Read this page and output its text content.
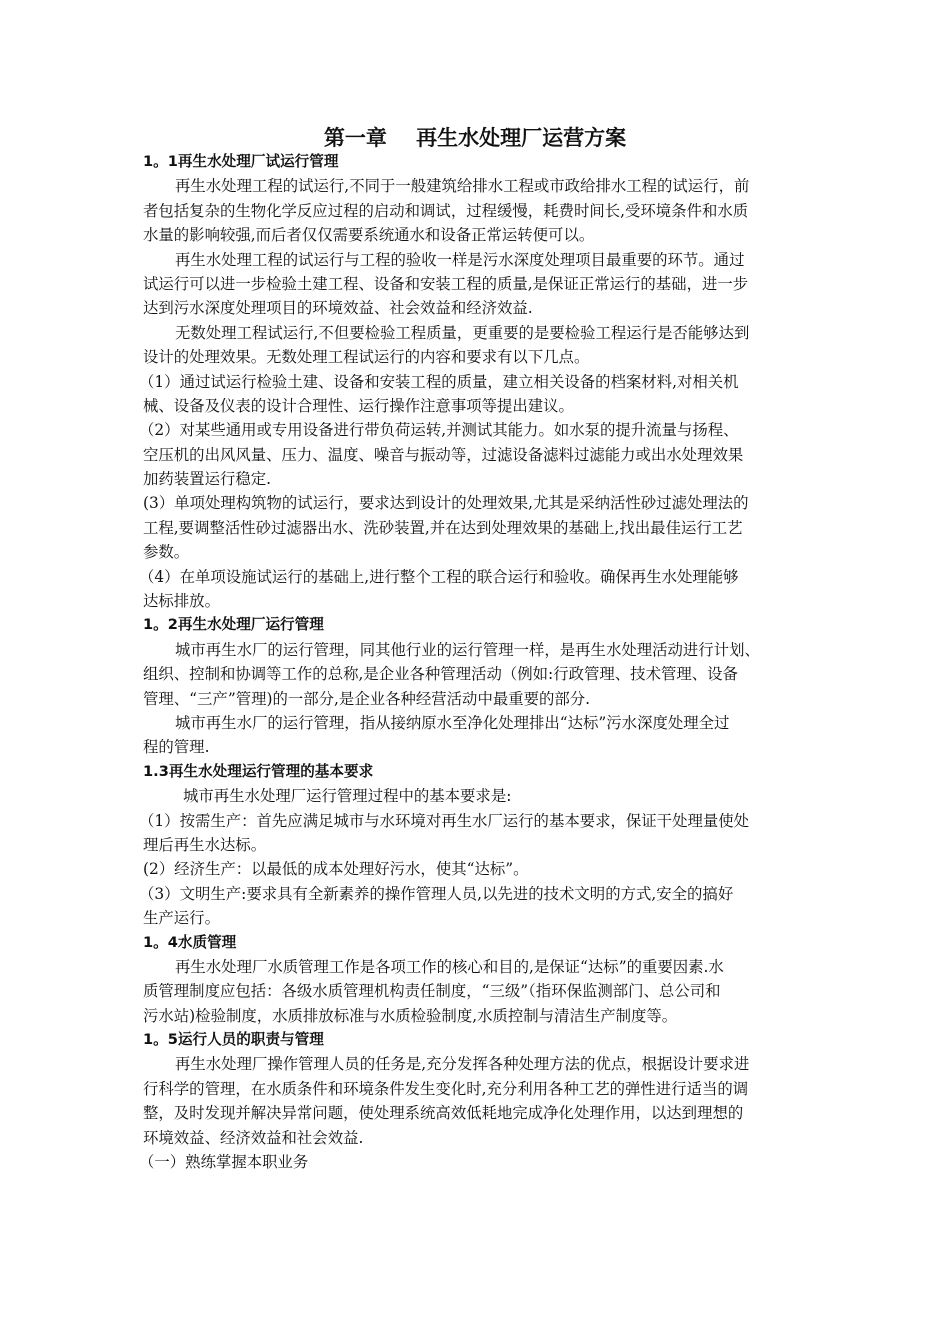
第一章    再生水处理厂运营方案
1。1再生水处理厂试运行管理
再生水处理工程的试运行,不同于一般建筑给排水工程或市政给排水工程的试运行，前
者包括复杂的生物化学反应过程的启动和调试，过程缓慢，耗费时间长,受环境条件和水质
水量的影响较强,而后者仅仅需要系统通水和设备正常运转便可以。
再生水处理工程的试运行与工程的验收一样是污水深度处理项目最重要的环节。通过
试运行可以进一步检验土建工程、设备和安装工程的质量,是保证正常运行的基础，进一步
达到污水深度处理项目的环境效益、社会效益和经济效益.
无数处理工程试运行,不但要检验工程质量，更重要的是要检验工程运行是否能够达到
设计的处理效果。无数处理工程试运行的内容和要求有以下几点。
（1）通过试运行检验土建、设备和安装工程的质量，建立相关设备的档案材料,对相关机
械、设备及仪表的设计合理性、运行操作注意事项等提出建议。
（2）对某些通用或专用设备进行带负荷运转,并测试其能力。如水泵的提升流量与扬程、
空压机的出风风量、压力、温度、噪音与振动等，过滤设备滤料过滤能力或出水处理效果
加药装置运行稳定.
(3）单项处理构筑物的试运行，要求达到设计的处理效果,尤其是采纳活性砂过滤处理法的
工程,要调整活性砂过滤器出水、洗砂装置,并在达到处理效果的基础上,找出最佳运行工艺
参数。
（4）在单项设施试运行的基础上,进行整个工程的联合运行和验收。确保再生水处理能够
达标排放。
1。2再生水处理厂运行管理
城市再生水厂的运行管理，同其他行业的运行管理一样，是再生水处理活动进行计划、
组织、控制和协调等工作的总称,是企业各种管理活动（例如:行政管理、技术管理、设备
管理、“三产”管理)的一部分,是企业各种经营活动中最重要的部分.
城市再生水厂的运行管理，指从接纳原水至净化处理排出“达标”污水深度处理全过
程的管理.
1.3再生水处理运行管理的基本要求
城市再生水处理厂运行管理过程中的基本要求是:
（1）按需生产：首先应满足城市与水环境对再生水厂运行的基本要求，保证干处理量使处
理后再生水达标。
(2）经济生产：以最低的成本处理好污水，使其“达标”。
（3）文明生产:要求具有全新素养的操作管理人员,以先进的技术文明的方式,安全的搞好
生产运行。
1。4水质管理
再生水处理厂水质管理工作是各项工作的核心和目的,是保证“达标”的重要因素.水
质管理制度应包括：各级水质管理机构责任制度，“三级”（指环保监测部门、总公司和
污水站)检验制度，水质排放标准与水质检验制度,水质控制与清洁生产制度等。
1。5运行人员的职责与管理
再生水处理厂操作管理人员的任务是,充分发挥各种处理方法的优点，根据设计要求进
行科学的管理，在水质条件和环境条件发生变化时,充分利用各种工艺的弹性进行适当的调
整，及时发现并解决异常问题，使处理系统高效低耗地完成净化处理作用，以达到理想的
环境效益、经济效益和社会效益.
（一）熟练掌握本职业务
